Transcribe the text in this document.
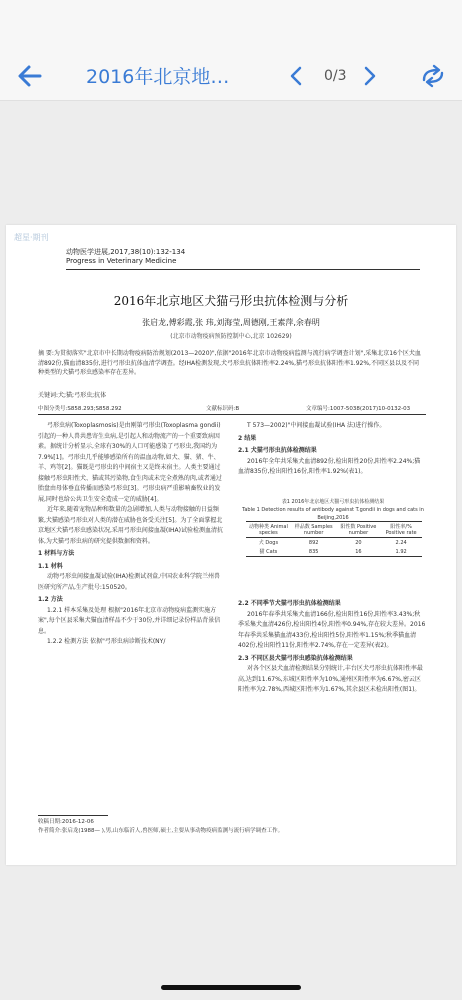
2016年北京地…	0/3
超星·期刊
动物医学进展,2017,38(10):132-134
Progress in Veterinary Medicine
2016年北京地区犬猫弓形虫抗体检测与分析
张启龙,傅彩霞,张 玮,刘海莹,周德刚,王素萍,余春明
(北京市动物疫病预防控制中心,北京 102629)
摘 要:为贯彻落实"北京市中长期动物疫病防治规划(2013—2020)",依据"2016年北京市动物疫病监测与流行病学调查计划",采集北京16个区犬血清892份,猫血清835份,进行弓形虫抗体血清学调查。经IHA检测发现,犬弓形虫抗体阳性率2.24%,猫弓形虫抗体阳性率1.92%,不同区县以及不同种类型的犬猫弓形虫感染率存在差异。
关键词:犬;猫;弓形虫;抗体
中图分类号:S858.293;S858.292	文献标识码:B	文章编号:1007-5038(2017)10-0132-03

弓形虫病(Toxoplasmosis)是由刚第弓形虫(Toxoplasma gondii)引起的一种人兽共患寄生虫病,是引起人和动物流产的一个重要致病因素。据统计分析显示,全球有30%的人口可能感染了弓形虫,我国约为7.9%[1]。弓形虫几乎能够感染所有的温血动物,如犬、猫、猪、牛、羊、鸡等[2]。猫既是弓形虫的中间宿主又是终末宿主。人类主要通过接触弓形虫阳性犬、猫或其污染物,食生肉或未完全煮熟的肉,或者通过胎盘由母体垂直传播而感染弓形虫[3]。弓形虫病严重影响畜牧业的发展,同时也给公共卫生安全造成一定的威胁[4]。

近年来,随着宠物品种和数量的急剧增加,人类与动物接触的日益频繁,犬猫感染弓形虫对人类的潜在威胁也备受关注[5]。为了全面掌握北京地区犬猫弓形虫感染状况,采用弓形虫间接血凝(IHA)试验检测血清抗体,为犬猫弓形虫病的研究提供数据和资料。

1 材料与方法

1.1 材料

动物弓形虫间接血凝试验(IHA)检测试剂盒,中国农业科学院兰州兽医研究所产品,生产批号:150520。

1.2 方法

1.2.1 样本采集及处理 根据"2016年北京市动物疫病监测实施方案",每个区县采集犬猫血清样品不少于30份,并详细记录份样品背景信息。

1.2.2 检测方法 依据"弓形虫病诊断技术(NY/

T 573—2002)"中间接血凝试验(IHA 法)进行操作。

2 结果

2.1 犬猫弓形虫抗体检测结果

2016年全年共采集犬血清892份,检出阳性20份,阳性率2.24%;猫血清835份,检出阳性16份,阳性率1.92%(表1)。

表1 2016年北京地区犬猫弓形虫抗体检测结果
Table 1 Detection results of antibody against T.gondii in dogs and cats in Beijing,2016
动物种类 Animal species	样品数 Samples number	阳性数 Positive number	阳性率/% Positive rate
犬 Dogs	892	20	2.24
猫 Cats	835	16	1.92

2.2 不同季节犬猫弓形虫抗体检测结果

2016年春季共采集犬血清166份,检出阳性16份,阳性率3.43%;秋季采集犬血清426份,检出阳性4份,阳性率0.94%,存在较大差异。2016年春季共采集猫血清433份,检出阳性5份,阳性率1.15%;秋季猫血清402份,检出阳性11份,阳性率2.74%,存在一定差异(表2)。

2.3 不同区县犬猫弓形虫感染抗体检测结果

对各个区县犬血清检测结果分别统计,丰台区犬弓形虫抗体阳性率最高,达到11.67%,东城区阳性率为10%,通州区阳性率为6.67%,密云区阳性率为2.78%,西城区阳性率为1.67%,其余县区未检出阳性(图1)。

收稿日期:2016-12-06
作者简介:张启龙(1988— ),男,山东临沂人,兽医师,硕士,主要从事动物疫病监测与流行病学调查工作。
